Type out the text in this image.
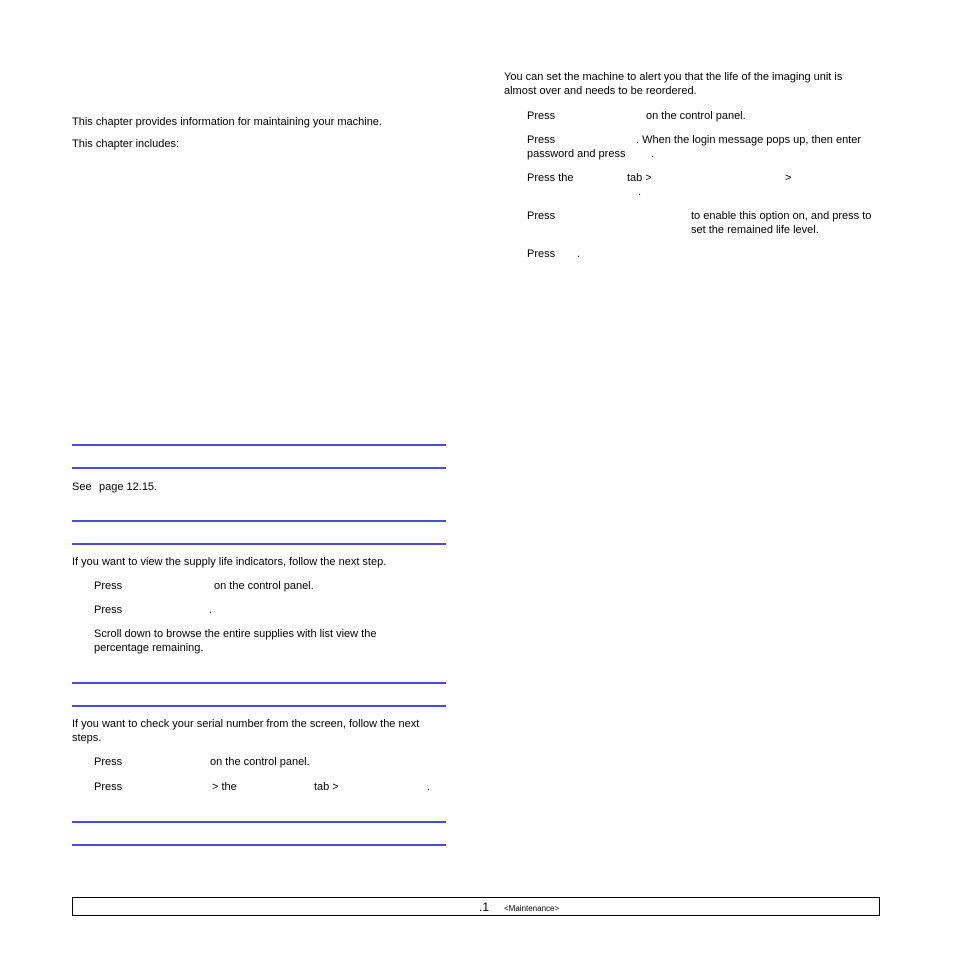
This chapter provides information for maintaining your machine.
This chapter includes:
See page 12.15.
If you want to view the supply life indicators, follow the next step.
Press	on the control panel.
Press	.
Scroll down to browse the entire supplies with list view the percentage remaining.
If you want to check your serial number from the screen, follow the next steps.
Press	on the control panel.
Press	> the	tab >	.
You can set the machine to alert you that the life of the imaging unit is almost over and needs to be reordered.
Press	on the control panel.
Press	. When the login message pops up, then enter password and press	.
Press the	tab >	>
.
Press	to enable this option on, and press to set the remained life level.
Press .
.1 <Maintenance>
